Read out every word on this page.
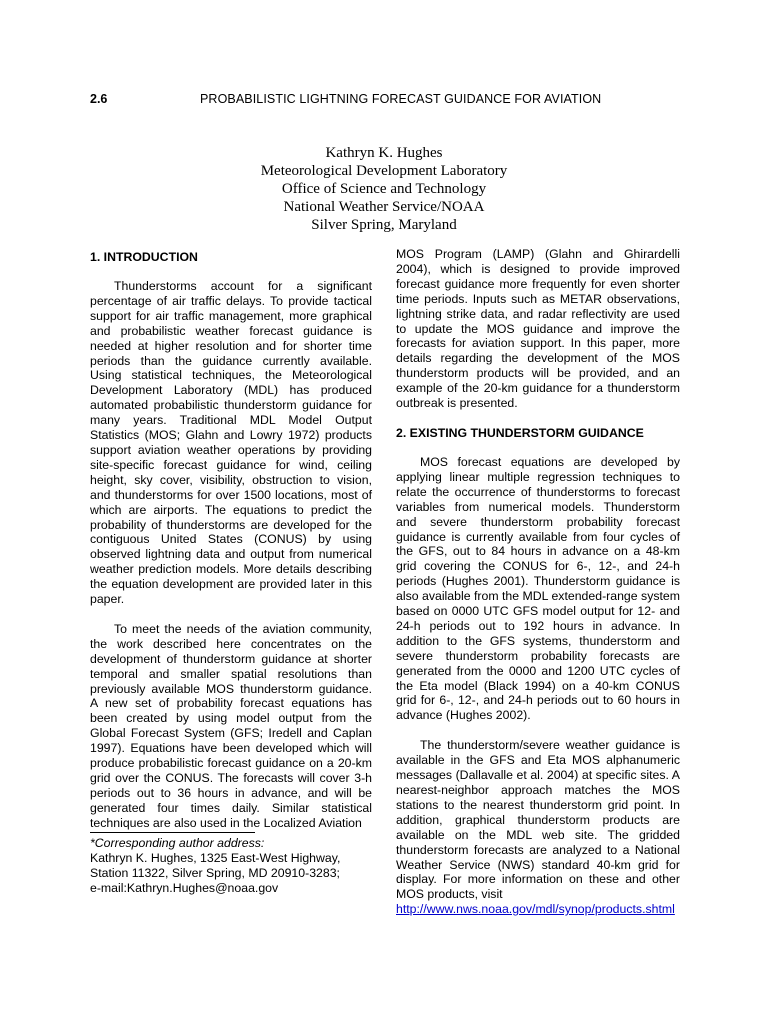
2.6	PROBABILISTIC LIGHTNING FORECAST GUIDANCE FOR AVIATION
Kathryn K. Hughes
Meteorological Development Laboratory
Office of Science and Technology
National Weather Service/NOAA
Silver Spring, Maryland
1. INTRODUCTION

Thunderstorms account for a significant percentage of air traffic delays. To provide tactical support for air traffic management, more graphical and probabilistic weather forecast guidance is needed at higher resolution and for shorter time periods than the guidance currently available. Using statistical techniques, the Meteorological Development Laboratory (MDL) has produced automated probabilistic thunderstorm guidance for many years. Traditional MDL Model Output Statistics (MOS; Glahn and Lowry 1972) products support aviation weather operations by providing site-specific forecast guidance for wind, ceiling height, sky cover, visibility, obstruction to vision, and thunderstorms for over 1500 locations, most of which are airports. The equations to predict the probability of thunderstorms are developed for the contiguous United States (CONUS) by using observed lightning data and output from numerical weather prediction models. More details describing the equation development are provided later in this paper.

To meet the needs of the aviation community, the work described here concentrates on the development of thunderstorm guidance at shorter temporal and smaller spatial resolutions than previously available MOS thunderstorm guidance. A new set of probability forecast equations has been created by using model output from the Global Forecast System (GFS; Iredell and Caplan 1997). Equations have been developed which will produce probabilistic forecast guidance on a 20-km grid over the CONUS. The forecasts will cover 3-h periods out to 36 hours in advance, and will be generated four times daily. Similar statistical techniques are also used in the Localized Aviation

MOS Program (LAMP) (Glahn and Ghirardelli 2004), which is designed to provide improved forecast guidance more frequently for even shorter time periods. Inputs such as METAR observations, lightning strike data, and radar reflectivity are used to update the MOS guidance and improve the forecasts for aviation support. In this paper, more details regarding the development of the MOS thunderstorm products will be provided, and an example of the 20-km guidance for a thunderstorm outbreak is presented.

2. EXISTING THUNDERSTORM GUIDANCE

MOS forecast equations are developed by applying linear multiple regression techniques to relate the occurrence of thunderstorms to forecast variables from numerical models. Thunderstorm and severe thunderstorm probability forecast guidance is currently available from four cycles of the GFS, out to 84 hours in advance on a 48-km grid covering the CONUS for 6-, 12-, and 24-h periods (Hughes 2001). Thunderstorm guidance is also available from the MDL extended-range system based on 0000 UTC GFS model output for 12- and 24-h periods out to 192 hours in advance. In addition to the GFS systems, thunderstorm and severe thunderstorm probability forecasts are generated from the 0000 and 1200 UTC cycles of the Eta model (Black 1994) on a 40-km CONUS grid for 6-, 12-, and 24-h periods out to 60 hours in advance (Hughes 2002).

The thunderstorm/severe weather guidance is available in the GFS and Eta MOS alphanumeric messages (Dallavalle et al. 2004) at specific sites. A nearest-neighbor approach matches the MOS stations to the nearest thunderstorm grid point. In addition, graphical thunderstorm products are available on the MDL web site. The gridded thunderstorm forecasts are analyzed to a National Weather Service (NWS) standard 40-km grid for display. For more information on these and other MOS products, visit
http://www.nws.noaa.gov/mdl/synop/products.shtml

*Corresponding author address:
Kathryn K. Hughes, 1325 East-West Highway,
Station 11322, Silver Spring, MD 20910-3283;
e-mail:Kathryn.Hughes@noaa.gov
